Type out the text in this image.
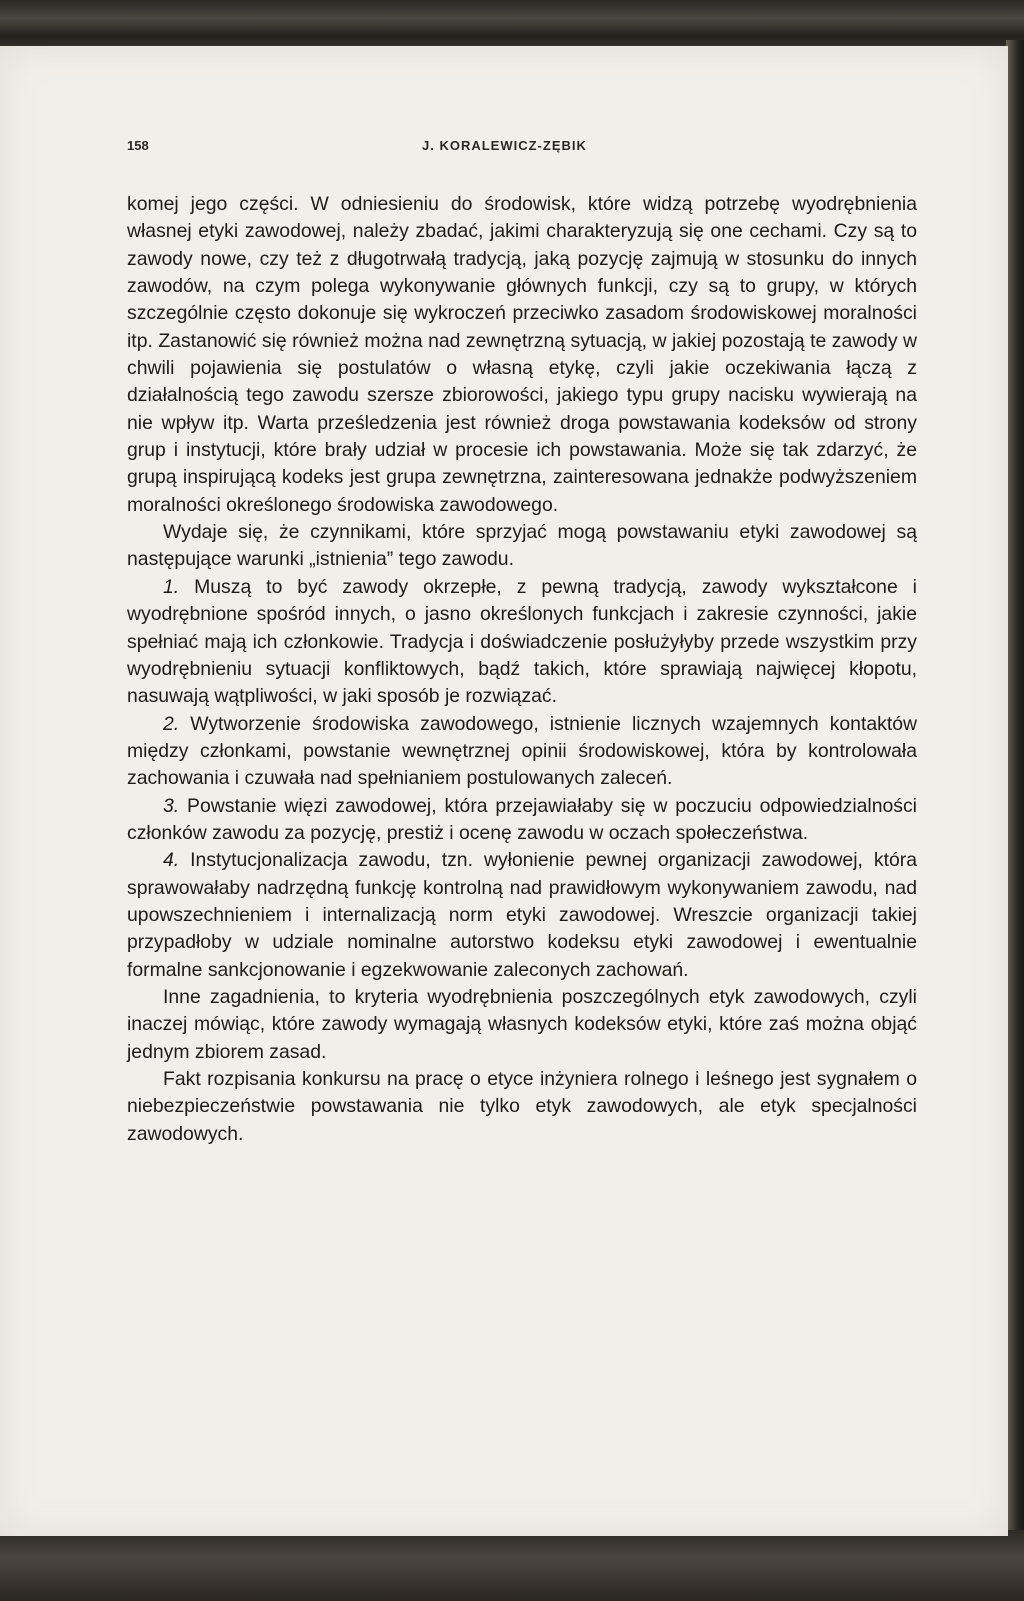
158	J. KORALEWICZ-ZĘBIK

komej jego części. W odniesieniu do środowisk, które widzą potrzebę wyodrębnienia własnej etyki zawodowej, należy zbadać, jakimi charakteryzują się one cechami. Czy są to zawody nowe, czy też z długotrwałą tradycją, jaką pozycję zajmują w stosunku do innych zawodów, na czym polega wykonywanie głównych funkcji, czy są to grupy, w których szczególnie często dokonuje się wykroczeń przeciwko zasadom środowiskowej moralności itp. Zastanowić się również można nad zewnętrzną sytuacją, w jakiej pozostają te zawody w chwili pojawienia się postulatów o własną etykę, czyli jakie oczekiwania łączą z działalnością tego zawodu szersze zbiorowości, jakiego typu grupy nacisku wywierają na nie wpływ itp. Warta prześledzenia jest również droga powstawania kodeksów od strony grup i instytucji, które brały udział w procesie ich powstawania. Może się tak zdarzyć, że grupą inspirującą kodeks jest grupa zewnętrzna, zainteresowana jednakże podwyższeniem moralności określonego środowiska zawodowego.

Wydaje się, że czynnikami, które sprzyjać mogą powstawaniu etyki zawodowej są następujące warunki „istnienia” tego zawodu.

1. Muszą to być zawody okrzepłe, z pewną tradycją, zawody wykształcone i wyodrębnione spośród innych, o jasno określonych funkcjach i zakresie czynności, jakie spełniać mają ich członkowie. Tradycja i doświadczenie posłużyłyby przede wszystkim przy wyodrębnieniu sytuacji konfliktowych, bądź takich, które sprawiają najwięcej kłopotu, nasuwają wątpliwości, w jaki sposób je rozwiązać.

2. Wytworzenie środowiska zawodowego, istnienie licznych wzajemnych kontaktów między członkami, powstanie wewnętrznej opinii środowiskowej, która by kontrolowała zachowania i czuwała nad spełnianiem postulowanych zaleceń.

3. Powstanie więzi zawodowej, która przejawiałaby się w poczuciu odpowiedzialności członków zawodu za pozycję, prestiż i ocenę zawodu w oczach społeczeństwa.

4. Instytucjonalizacja zawodu, tzn. wyłonienie pewnej organizacji zawodowej, która sprawowałaby nadrzędną funkcję kontrolną nad prawidłowym wykonywaniem zawodu, nad upowszechnieniem i internalizacją norm etyki zawodowej. Wreszcie organizacji takiej przypadłoby w udziale nominalne autorstwo kodeksu etyki zawodowej i ewentualnie formalne sankcjonowanie i egzekwowanie zaleconych zachowań.

Inne zagadnienia, to kryteria wyodrębnienia poszczególnych etyk zawodowych, czyli inaczej mówiąc, które zawody wymagają własnych kodeksów etyki, które zaś można objąć jednym zbiorem zasad.

Fakt rozpisania konkursu na pracę o etyce inżyniera rolnego i leśnego jest sygnałem o niebezpieczeństwie powstawania nie tylko etyk zawodowych, ale etyk specjalności zawodowych.
